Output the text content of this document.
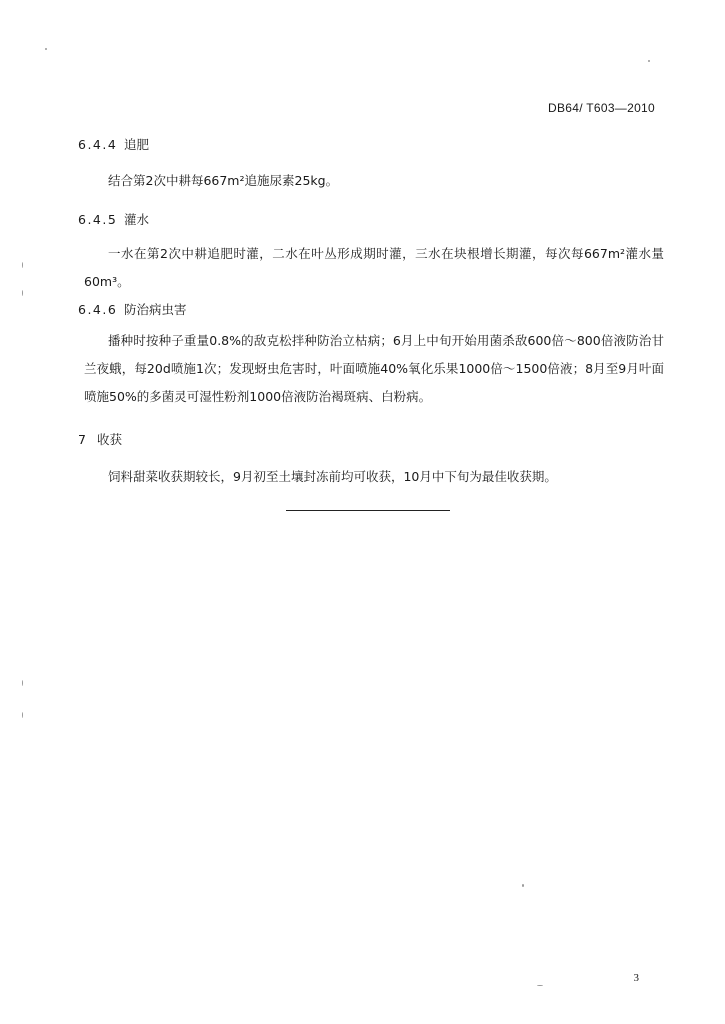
DB64/ T603—2010
6.4.4 追肥
结合第2次中耕每667m²追施尿素25kg。
6.4.5 灌水
一水在第2次中耕追肥时灌，二水在叶丛形成期时灌，三水在块根增长期灌，每次每667m²灌水量60m³。
6.4.6 防治病虫害
播种时按种子重量0.8%的敌克松拌种防治立枯病；6月上中旬开始用菌杀敌600倍～800倍液防治甘兰夜蛾，每20d喷施1次；发现蚜虫危害时，叶面喷施40%氧化乐果1000倍～1500倍液；8月至9月叶面喷施50%的多菌灵可湿性粉剂1000倍液防治褐斑病、白粉病。
7 收获
饲料甜菜收获期较长，9月初至土壤封冻前均可收获，10月中下旬为最佳收获期。
3
